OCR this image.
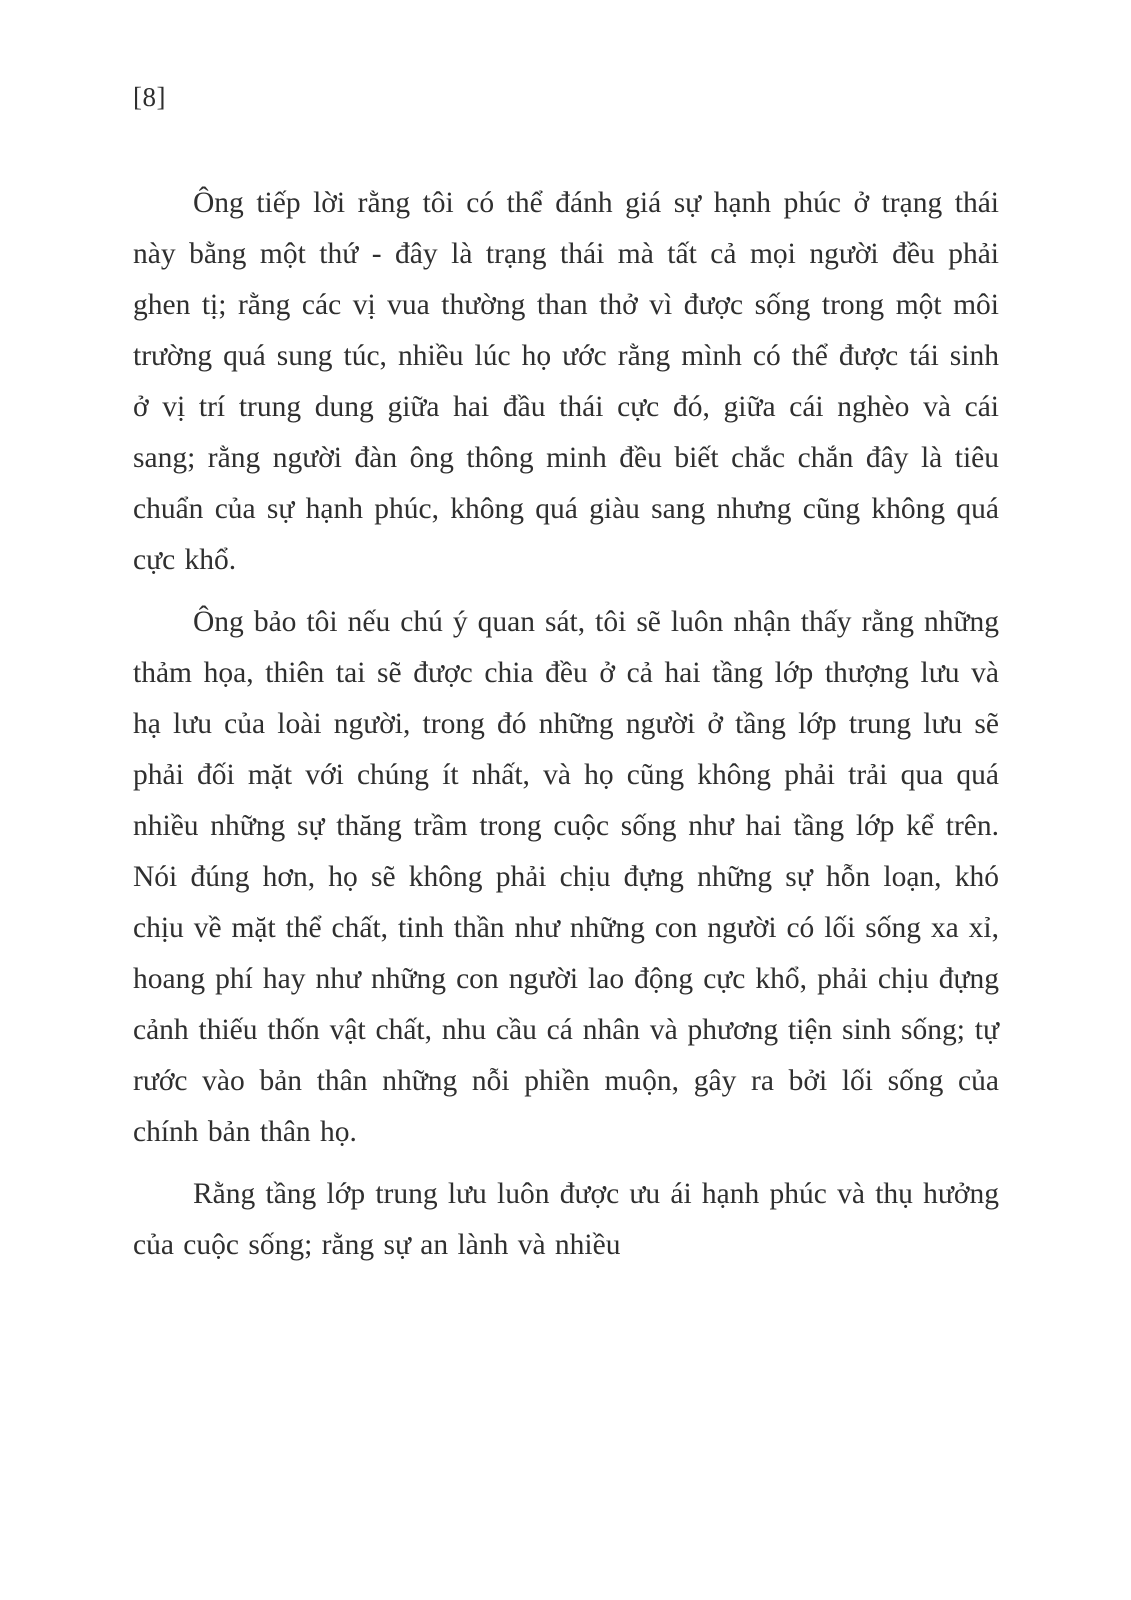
[8]

Ông tiếp lời rằng tôi có thể đánh giá sự hạnh phúc ở trạng thái này bằng một thứ - đây là trạng thái mà tất cả mọi người đều phải ghen tị; rằng các vị vua thường than thở vì được sống trong một môi trường quá sung túc, nhiều lúc họ ước rằng mình có thể được tái sinh ở vị trí trung dung giữa hai đầu thái cực đó, giữa cái nghèo và cái sang; rằng người đàn ông thông minh đều biết chắc chắn đây là tiêu chuẩn của sự hạnh phúc, không quá giàu sang nhưng cũng không quá cực khổ.

Ông bảo tôi nếu chú ý quan sát, tôi sẽ luôn nhận thấy rằng những thảm họa, thiên tai sẽ được chia đều ở cả hai tầng lớp thượng lưu và hạ lưu của loài người, trong đó những người ở tầng lớp trung lưu sẽ phải đối mặt với chúng ít nhất, và họ cũng không phải trải qua quá nhiều những sự thăng trầm trong cuộc sống như hai tầng lớp kể trên. Nói đúng hơn, họ sẽ không phải chịu đựng những sự hỗn loạn, khó chịu về mặt thể chất, tinh thần như những con người có lối sống xa xỉ, hoang phí hay như những con người lao động cực khổ, phải chịu đựng cảnh thiếu thốn vật chất, nhu cầu cá nhân và phương tiện sinh sống; tự rước vào bản thân những nỗi phiền muộn, gây ra bởi lối sống của chính bản thân họ.

Rằng tầng lớp trung lưu luôn được ưu ái hạnh phúc và thụ hưởng của cuộc sống; rằng sự an lành và nhiều
